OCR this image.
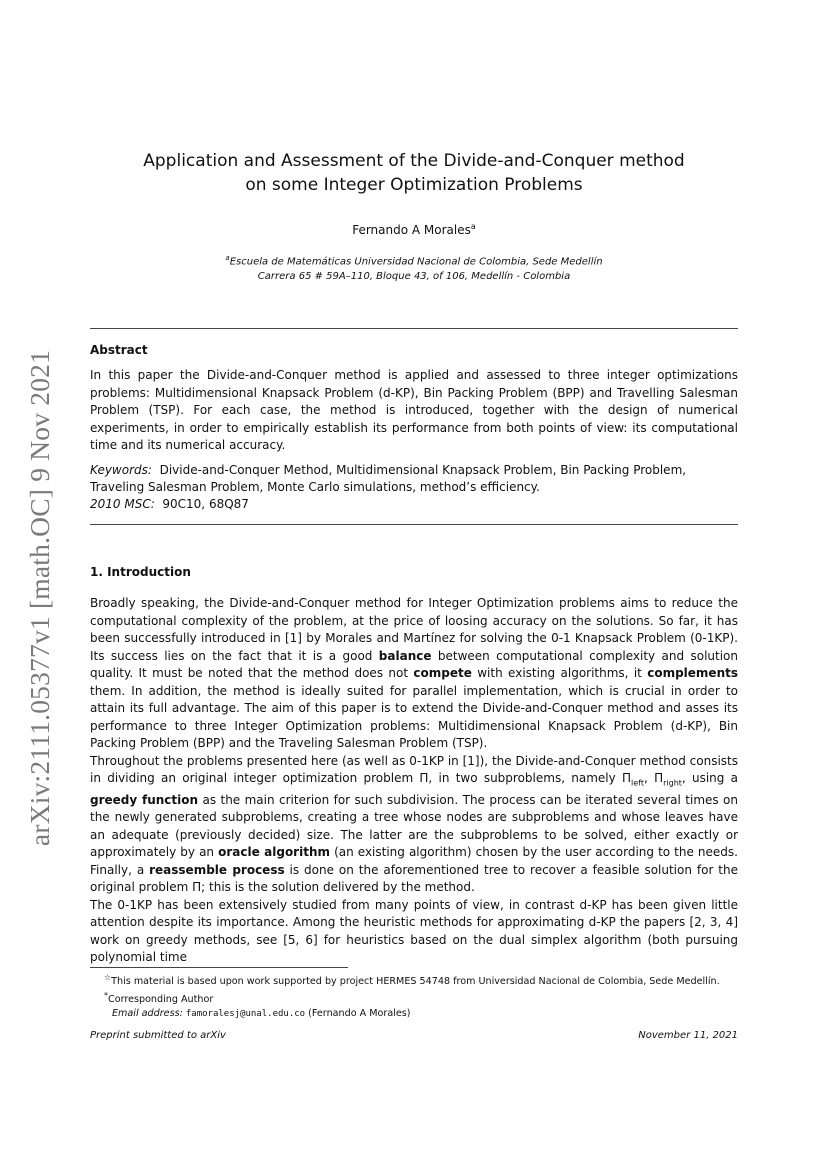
arXiv:2111.05377v1 [math.OC] 9 Nov 2021
Application and Assessment of the Divide-and-Conquer method
on some Integer Optimization Problems
Fernando A Morales$^a$
$^a$Escuela de Matemáticas Universidad Nacional de Colombia, Sede Medellín
Carrera 65 # 59A–110, Bloque 43, of 106, Medellín - Colombia
Abstract
In this paper the Divide-and-Conquer method is applied and assessed to three integer optimizations problems: Multidimensional Knapsack Problem (d-KP), Bin Packing Problem (BPP) and Travelling Salesman Problem (TSP). For each case, the method is introduced, together with the design of numerical experiments, in order to empirically establish its performance from both points of view: its computational time and its numerical accuracy.
Keywords: Divide-and-Conquer Method, Multidimensional Knapsack Problem, Bin Packing Problem, Traveling Salesman Problem, Monte Carlo simulations, method’s efficiency.
2010 MSC: 90C10, 68Q87
1. Introduction

Broadly speaking, the Divide-and-Conquer method for Integer Optimization problems aims to reduce the computational complexity of the problem, at the price of loosing accuracy on the solutions. So far, it has been successfully introduced in [1] by Morales and Martínez for solving the 0-1 Knapsack Problem (0-1KP). Its success lies on the fact that it is a good balance between computational complexity and solution quality. It must be noted that the method does not compete with existing algorithms, it complements them. In addition, the method is ideally suited for parallel implementation, which is crucial in order to attain its full advantage. The aim of this paper is to extend the Divide-and-Conquer method and asses its performance to three Integer Optimization problems: Multidimensional Knapsack Problem (d-KP), Bin Packing Problem (BPP) and the Traveling Salesman Problem (TSP).

Throughout the problems presented here (as well as 0-1KP in [1]), the Divide-and-Conquer method consists in dividing an original integer optimization problem Π, in two subproblems, namely $\Pi_{left}$, $\Pi_{right}$, using a greedy function as the main criterion for such subdivision. The process can be iterated several times on the newly generated subproblems, creating a tree whose nodes are subproblems and whose leaves have an adequate (previously decided) size. The latter are the subproblems to be solved, either exactly or approximately by an oracle algorithm (an existing algorithm) chosen by the user according to the needs. Finally, a reassemble process is done on the aforementioned tree to recover a feasible solution for the original problem Π; this is the solution delivered by the method.

The 0-1KP has been extensively studied from many points of view, in contrast d-KP has been given little attention despite its importance. Among the heuristic methods for approximating d-KP the papers [2, 3, 4] work on greedy methods, see [5, 6] for heuristics based on the dual simplex algorithm (both pursuing polynomial time

☆This material is based upon work supported by project HERMES 54748 from Universidad Nacional de Colombia, Sede Medellín.
*Corresponding Author
Email address: famoralesj@unal.edu.co (Fernando A Morales)
Preprint submitted to arXiv	November 11, 2021
